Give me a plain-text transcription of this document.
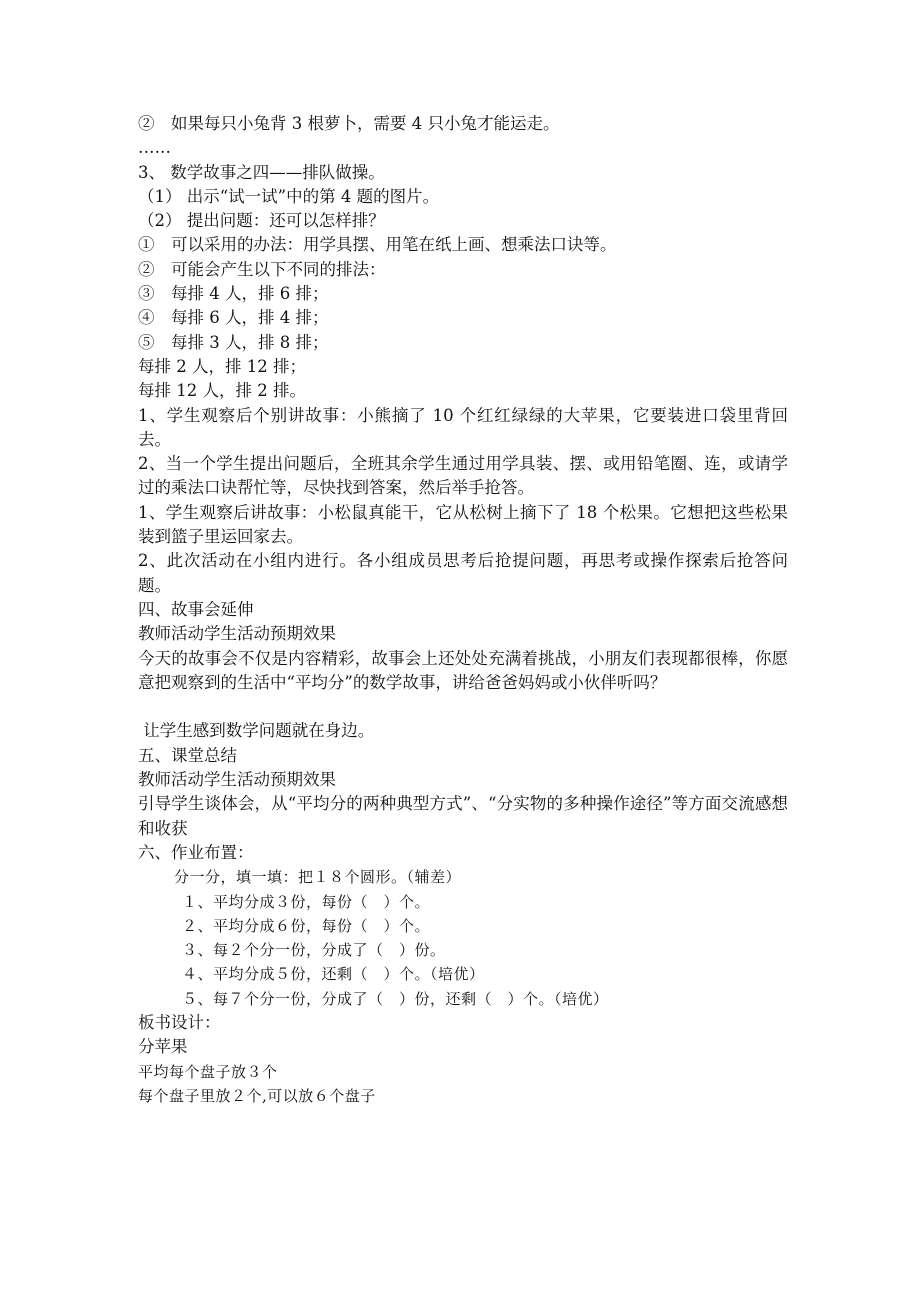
②　如果每只小兔背 3 根萝卜，需要 4 只小兔才能运走。
……
3、 数学故事之四——排队做操。
（1） 出示“试一试”中的第 4 题的图片。
（2） 提出问题：还可以怎样排？
①　可以采用的办法：用学具摆、用笔在纸上画、想乘法口诀等。
②　可能会产生以下不同的排法：
③　每排 4 人，排 6 排；
④　每排 6 人，排 4 排；
⑤　每排 3 人，排 8 排；
每排 2 人，排 12 排；
每排 12 人，排 2 排。
1、学生观察后个别讲故事：小熊摘了 10 个红红绿绿的大苹果，它要装进口袋里背回去。
2、当一个学生提出问题后，全班其余学生通过用学具装、摆、或用铅笔圈、连，或请学过的乘法口诀帮忙等，尽快找到答案，然后举手抢答。
1、学生观察后讲故事：小松鼠真能干，它从松树上摘下了 18 个松果。它想把这些松果装到篮子里运回家去。
2、此次活动在小组内进行。各小组成员思考后抢提问题，再思考或操作探索后抢答问题。
四、故事会延伸
教师活动学生活动预期效果
今天的故事会不仅是内容精彩，故事会上还处处充满着挑战，小朋友们表现都很棒，你愿意把观察到的生活中“平均分”的数学故事，讲给爸爸妈妈或小伙伴听吗？
让学生感到数学问题就在身边。
五、课堂总结
教师活动学生活动预期效果
引导学生谈体会，从“平均分的两种典型方式”、“分实物的多种操作途径”等方面交流感想和收获
六、作业布置：
分一分，填一填：把１８个圆形。（辅差）
１、平均分成３份，每份（　）个。
２、平均分成６份，每份（　）个。
３、每２个分一份，分成了（　）份。
４、平均分成５份，还剩（　）个。（培优）
５、每７个分一份，分成了（　）份，还剩（　）个。（培优）
板书设计：
分苹果
平均每个盘子放３个
每个盘子里放２个,可以放６个盘子
